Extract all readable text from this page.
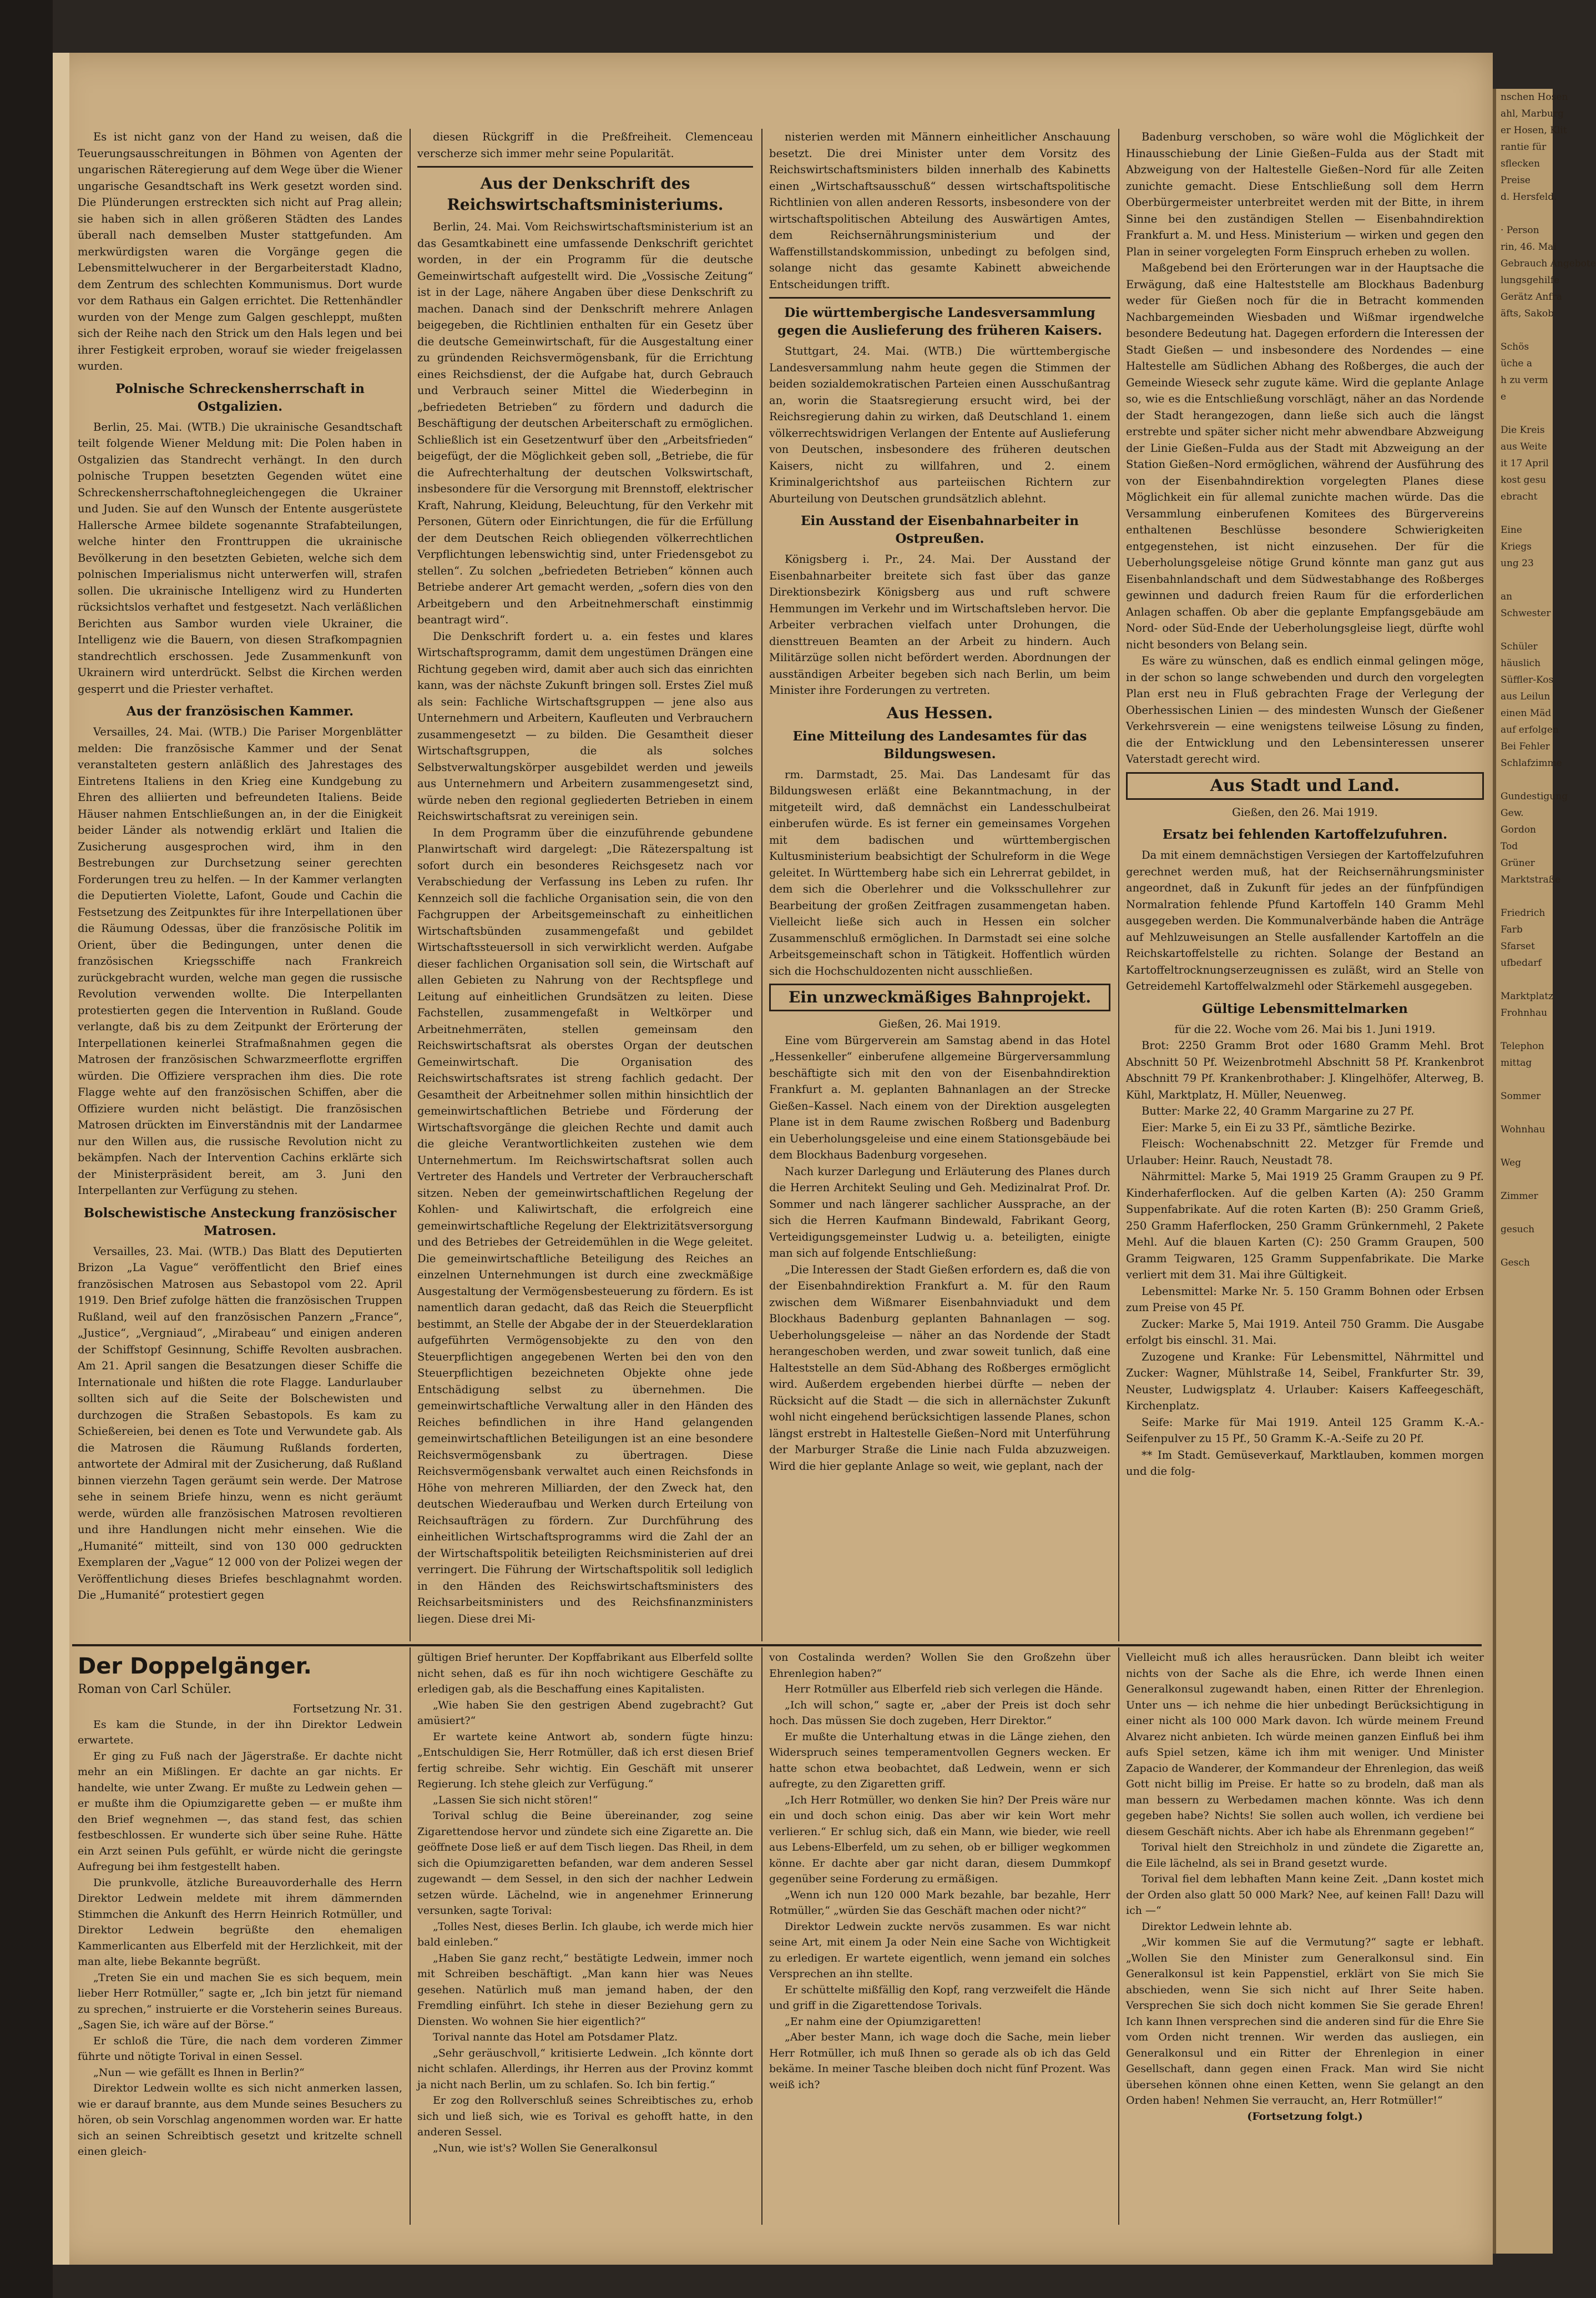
Es ist nicht ganz von der Hand zu weisen, daß die Teuerungsausschreitungen in Böhmen von Agenten der ungarischen Räteregierung auf dem Wege über die Wiener ungarische Gesandtschaft ins Werk gesetzt worden sind. Die Plünderungen erstreckten sich nicht auf Prag allein; sie haben sich in allen größeren Städten des Landes überall nach demselben Muster stattgefunden. Am merkwürdigsten waren die Vorgänge gegen die Lebensmittelwucherer in der Bergarbeiterstadt Kladno, dem Zentrum des schlechten Kommunismus. Dort wurde vor dem Rathaus ein Galgen errichtet. Die Rettenhändler wurden von der Menge zum Galgen geschleppt, mußten sich der Reihe nach den Strick um den Hals legen und bei ihrer Festigkeit erproben, worauf sie wieder freigelassen wurden.

Polnische Schreckensherrschaft in Ostgalizien.

Berlin, 25. Mai. (WTB.) Die ukrainische Gesandtschaft teilt folgende Wiener Meldung mit: Die Polen haben in Ostgalizien das Standrecht verhängt. In den durch polnische Truppen besetzten Gegenden wütet eine Schreckensherrschaftohnegleichengegen die Ukrainer und Juden. Sie auf den Wunsch der Entente ausgerüstete Hallersche Armee bildete sogenannte Strafabteilungen, welche hinter den Fronttruppen die ukrainische Bevölkerung in den besetzten Gebieten, welche sich dem polnischen Imperialismus nicht unterwerfen will, strafen sollen. Die ukrainische Intelligenz wird zu Hunderten rücksichtslos verhaftet und festgesetzt. Nach verläßlichen Berichten aus Sambor wurden viele Ukrainer, die Intelligenz wie die Bauern, von diesen Strafkompagnien standrechtlich erschossen. Jede Zusammenkunft von Ukrainern wird unterdrückt. Selbst die Kirchen werden gesperrt und die Priester verhaftet.

Aus der französischen Kammer.

Versailles, 24. Mai. (WTB.) Die Pariser Morgenblätter melden: Die französische Kammer und der Senat veranstalteten gestern anläßlich des Jahrestages des Eintretens Italiens in den Krieg eine Kundgebung zu Ehren des alliierten und befreundeten Italiens. Beide Häuser nahmen Entschließungen an, in der die Einigkeit beider Länder als notwendig erklärt und Italien die Zusicherung ausgesprochen wird, ihm in den Bestrebungen zur Durchsetzung seiner gerechten Forderungen treu zu helfen. — In der Kammer verlangten die Deputierten Violette, Lafont, Goude und Cachin die Festsetzung des Zeitpunktes für ihre Interpellationen über die Räumung Odessas, über die französische Politik im Orient, über die Bedingungen, unter denen die französischen Kriegsschiffe nach Frankreich zurückgebracht wurden, welche man gegen die russische Revolution verwenden wollte. Die Interpellanten protestierten gegen die Intervention in Rußland. Goude verlangte, daß bis zu dem Zeitpunkt der Erörterung der Interpellationen keinerlei Strafmaßnahmen gegen die Matrosen der französischen Schwarzmeerflotte ergriffen würden. Die Offiziere versprachen ihm dies. Die rote Flagge wehte auf den französischen Schiffen, aber die Offiziere wurden nicht belästigt. Die französischen Matrosen drückten im Einverständnis mit der Landarmee nur den Willen aus, die russische Revolution nicht zu bekämpfen. Nach der Intervention Cachins erklärte sich der Ministerpräsident bereit, am 3. Juni den Interpellanten zur Verfügung zu stehen.

Bolschewistische Ansteckung französischer Matrosen.

Versailles, 23. Mai. (WTB.) Das Blatt des Deputierten Brizon „La Vague“ veröffentlicht den Brief eines französischen Matrosen aus Sebastopol vom 22. April 1919. Den Brief zufolge hätten die französischen Truppen Rußland, weil auf den französischen Panzern „France“, „Justice“, „Vergniaud“, „Mirabeau“ und einigen anderen der Schiffstopf Gesinnung, Schiffe Revolten ausbrachen. Am 21. April sangen die Besatzungen dieser Schiffe die Internationale und hißten die rote Flagge. Landurlauber sollten sich auf die Seite der Bolschewisten und durchzogen die Straßen Sebastopols. Es kam zu Schießereien, bei denen es Tote und Verwundete gab. Als die Matrosen die Räumung Rußlands forderten, antwortete der Admiral mit der Zusicherung, daß Rußland binnen vierzehn Tagen geräumt sein werde. Der Matrose sehe in seinem Briefe hinzu, wenn es nicht geräumt werde, würden alle französischen Matrosen revoltieren und ihre Handlungen nicht mehr einsehen. Wie die „Humanité“ mitteilt, sind von 130 000 gedruckten Exemplaren der „Vague“ 12 000 von der Polizei wegen der Veröffentlichung dieses Briefes beschlagnahmt worden. Die „Humanité“ protestiert gegen

diesen Rückgriff in die Preßfreiheit. Clemenceau verscherze sich immer mehr seine Popularität.

Aus der Denkschrift des Reichswirtschaftsministeriums.

Berlin, 24. Mai. Vom Reichswirtschaftsministerium ist an das Gesamtkabinett eine umfassende Denkschrift gerichtet worden, in der ein Programm für die deutsche Gemeinwirtschaft aufgestellt wird. Die „Vossische Zeitung“ ist in der Lage, nähere Angaben über diese Denkschrift zu machen. Danach sind der Denkschrift mehrere Anlagen beigegeben, die Richtlinien enthalten für ein Gesetz über die deutsche Gemeinwirtschaft, für die Ausgestaltung einer zu gründenden Reichsvermögensbank, für die Errichtung eines Reichsdienst, der die Aufgabe hat, durch Gebrauch und Verbrauch seiner Mittel die Wiederbeginn in „befriedeten Betrieben“ zu fördern und dadurch die Beschäftigung der deutschen Arbeiterschaft zu ermöglichen. Schließlich ist ein Gesetzentwurf über den „Arbeitsfrieden“ beigefügt, der die Möglichkeit geben soll, „Betriebe, die für die Aufrechterhaltung der deutschen Volkswirtschaft, insbesondere für die Versorgung mit Brennstoff, elektrischer Kraft, Nahrung, Kleidung, Beleuchtung, für den Verkehr mit Personen, Gütern oder Einrichtungen, die für die Erfüllung der dem Deutschen Reich obliegenden völkerrechtlichen Verpflichtungen lebenswichtig sind, unter Friedensgebot zu stellen“. Zu solchen „befriedeten Betrieben“ können auch Betriebe anderer Art gemacht werden, „sofern dies von den Arbeitgebern und den Arbeitnehmerschaft einstimmig beantragt wird“.

Die Denkschrift fordert u. a. ein festes und klares Wirtschaftsprogramm, damit dem ungestümen Drängen eine Richtung gegeben wird, damit aber auch sich das einrichten kann, was der nächste Zukunft bringen soll. Erstes Ziel muß als sein: Fachliche Wirtschaftsgruppen — jene also aus Unternehmern und Arbeitern, Kaufleuten und Verbrauchern zusammengesetzt — zu bilden. Die Gesamtheit dieser Wirtschaftsgruppen, die als solches Selbstverwaltungskörper ausgebildet werden und jeweils aus Unternehmern und Arbeitern zusammengesetzt sind, würde neben den regional gegliederten Betrieben in einem Reichswirtschaftsrat zu vereinigen sein.

In dem Programm über die einzuführende gebundene Planwirtschaft wird dargelegt: „Die Rätezerspaltung ist sofort durch ein besonderes Reichsgesetz nach vor Verabschiedung der Verfassung ins Leben zu rufen. Ihr Kennzeich soll die fachliche Organisation sein, die von den Fachgruppen der Arbeitsgemeinschaft zu einheitlichen Wirtschaftsbünden zusammengefaßt und gebildet Wirtschaftssteuersoll in sich verwirklicht werden. Aufgabe dieser fachlichen Organisation soll sein, die Wirtschaft auf allen Gebieten zu Nahrung von der Rechtspflege und Leitung auf einheitlichen Grundsätzen zu leiten. Diese Fachstellen, zusammengefaßt in Weltkörper und Arbeitnehmerräten, stellen gemeinsam den Reichswirtschaftsrat als oberstes Organ der deutschen Gemeinwirtschaft. Die Organisation des Reichswirtschaftsrates ist streng fachlich gedacht. Der Gesamtheit der Arbeitnehmer sollen mithin hinsichtlich der gemeinwirtschaftlichen Betriebe und Förderung der Wirtschaftsvorgänge die gleichen Rechte und damit auch die gleiche Verantwortlichkeiten zustehen wie dem Unternehmertum. Im Reichswirtschaftsrat sollen auch Vertreter des Handels und Vertreter der Verbraucherschaft sitzen. Neben der gemeinwirtschaftlichen Regelung der Kohlen- und Kaliwirtschaft, die erfolgreich eine gemeinwirtschaftliche Regelung der Elektrizitätsversorgung und des Betriebes der Getreidemühlen in die Wege geleitet. Die gemeinwirtschaftliche Beteiligung des Reiches an einzelnen Unternehmungen ist durch eine zweckmäßige Ausgestaltung der Vermögensbesteuerung zu fördern. Es ist namentlich daran gedacht, daß das Reich die Steuerpflicht bestimmt, an Stelle der Abgabe der in der Steuerdeklaration aufgeführten Vermögensobjekte zu den von den Steuerpflichtigen angegebenen Werten bei den von den Steuerpflichtigen bezeichneten Objekte ohne jede Entschädigung selbst zu übernehmen. Die gemeinwirtschaftliche Verwaltung aller in den Händen des Reiches befindlichen in ihre Hand gelangenden gemeinwirtschaftlichen Beteiligungen ist an eine besondere Reichsvermögensbank zu übertragen. Diese Reichsvermögensbank verwaltet auch einen Reichsfonds in Höhe von mehreren Milliarden, der den Zweck hat, den deutschen Wiederaufbau und Werken durch Erteilung von Reichsaufträgen zu fördern. Zur Durchführung des einheitlichen Wirtschaftsprogramms wird die Zahl der an der Wirtschaftspolitik beteiligten Reichsministerien auf drei verringert. Die Führung der Wirtschaftspolitik soll lediglich in den Händen des Reichswirtschaftsministers des Reichsarbeitsministers und des Reichsfinanzministers liegen. Diese drei Mi-

nisterien werden mit Männern einheitlicher Anschauung besetzt. Die drei Minister unter dem Vorsitz des Reichswirtschaftsministers bilden innerhalb des Kabinetts einen „Wirtschaftsausschuß“ dessen wirtschaftspolitische Richtlinien von allen anderen Ressorts, insbesondere von der wirtschaftspolitischen Abteilung des Auswärtigen Amtes, dem Reichsernährungsministerium und der Waffenstillstandskommission, unbedingt zu befolgen sind, solange nicht das gesamte Kabinett abweichende Entscheidungen trifft.

Die württembergische Landesversammlung gegen die Auslieferung des früheren Kaisers.

Stuttgart, 24. Mai. (WTB.) Die württembergische Landesversammlung nahm heute gegen die Stimmen der beiden sozialdemokratischen Parteien einen Ausschußantrag an, worin die Staatsregierung ersucht wird, bei der Reichsregierung dahin zu wirken, daß Deutschland 1. einem völkerrechtswidrigen Verlangen der Entente auf Auslieferung von Deutschen, insbesondere des früheren deutschen Kaisers, nicht zu willfahren, und 2. einem Kriminalgerichtshof aus parteiischen Richtern zur Aburteilung von Deutschen grundsätzlich ablehnt.

Ein Ausstand der Eisenbahnarbeiter in Ostpreußen.

Königsberg i. Pr., 24. Mai. Der Ausstand der Eisenbahnarbeiter breitete sich fast über das ganze Direktionsbezirk Königsberg aus und ruft schwere Hemmungen im Verkehr und im Wirtschaftsleben hervor. Die Arbeiter verbrachen vielfach unter Drohungen, die diensttreuen Beamten an der Arbeit zu hindern. Auch Militärzüge sollen nicht befördert werden. Abordnungen der ausständigen Arbeiter begeben sich nach Berlin, um beim Minister ihre Forderungen zu vertreten.

Aus Hessen.

Eine Mitteilung des Landesamtes für das Bildungswesen.

rm. Darmstadt, 25. Mai. Das Landesamt für das Bildungswesen erläßt eine Bekanntmachung, in der mitgeteilt wird, daß demnächst ein Landesschulbeirat einberufen würde. Es ist ferner ein gemeinsames Vorgehen mit dem badischen und württembergischen Kultusministerium beabsichtigt der Schulreform in die Wege geleitet. In Württemberg habe sich ein Lehrerrat gebildet, in dem sich die Oberlehrer und die Volksschullehrer zur Bearbeitung der großen Zeitfragen zusammengetan haben. Vielleicht ließe sich auch in Hessen ein solcher Zusammenschluß ermöglichen. In Darmstadt sei eine solche Arbeitsgemeinschaft schon in Tätigkeit. Hoffentlich würden sich die Hochschuldozenten nicht ausschließen.

Ein unzweckmäßiges Bahnprojekt.

Gießen, 26. Mai 1919.

Eine vom Bürgerverein am Samstag abend in das Hotel „Hessenkeller“ einberufene allgemeine Bürgerversammlung beschäftigte sich mit den von der Eisenbahndirektion Frankfurt a. M. geplanten Bahnanlagen an der Strecke Gießen–Kassel. Nach einem von der Direktion ausgelegten Plane ist in dem Raume zwischen Roßberg und Badenburg ein Ueberholungsgeleise und eine einem Stationsgebäude bei dem Blockhaus Badenburg vorgesehen.

Nach kurzer Darlegung und Erläuterung des Planes durch die Herren Architekt Seuling und Geh. Medizinalrat Prof. Dr. Sommer und nach längerer sachlicher Aussprache, an der sich die Herren Kaufmann Bindewald, Fabrikant Georg, Verteidigungsgemeinster Ludwig u. a. beteiligten, einigte man sich auf folgende Entschließung:

„Die Interessen der Stadt Gießen erfordern es, daß die von der Eisenbahndirektion Frankfurt a. M. für den Raum zwischen dem Wißmarer Eisenbahnviadukt und dem Blockhaus Badenburg geplanten Bahnanlagen — sog. Ueberholungsgeleise — näher an das Nordende der Stadt herangeschoben werden, und zwar soweit tunlich, daß eine Halteststelle an dem Süd-Abhang des Roßberges ermöglicht wird. Außerdem ergebenden hierbei dürfte — neben der Rücksicht auf die Stadt — die sich in allernächster Zukunft wohl nicht eingehend berücksichtigen lassende Planes, schon längst erstrebt in Haltestelle Gießen–Nord mit Unterführung der Marburger Straße die Linie nach Fulda abzuzweigen. Wird die hier geplante Anlage so weit, wie geplant, nach der

Badenburg verschoben, so wäre wohl die Möglichkeit der Hinausschiebung der Linie Gießen–Fulda aus der Stadt mit Abzweigung von der Haltestelle Gießen–Nord für alle Zeiten zunichte gemacht. Diese Entschließung soll dem Herrn Oberbürgermeister unterbreitet werden mit der Bitte, in ihrem Sinne bei den zuständigen Stellen — Eisenbahndirektion Frankfurt a. M. und Hess. Ministerium — wirken und gegen den Plan in seiner vorgelegten Form Einspruch erheben zu wollen.

Maßgebend bei den Erörterungen war in der Hauptsache die Erwägung, daß eine Halteststelle am Blockhaus Badenburg weder für Gießen noch für die in Betracht kommenden Nachbargemeinden Wiesbaden und Wißmar irgendwelche besondere Bedeutung hat. Dagegen erfordern die Interessen der Stadt Gießen — und insbesondere des Nordendes — eine Haltestelle am Südlichen Abhang des Roßberges, die auch der Gemeinde Wieseck sehr zugute käme. Wird die geplante Anlage so, wie es die Entschließung vorschlägt, näher an das Nordende der Stadt herangezogen, dann ließe sich auch die längst erstrebte und später sicher nicht mehr abwendbare Abzweigung der Linie Gießen–Fulda aus der Stadt mit Abzweigung an der Station Gießen–Nord ermöglichen, während der Ausführung des von der Eisenbahndirektion vorgelegten Planes diese Möglichkeit ein für allemal zunichte machen würde. Das die Versammlung einberufenen Komitees des Bürgervereins enthaltenen Beschlüsse besondere Schwierigkeiten entgegenstehen, ist nicht einzusehen. Der für die Ueberholungsgeleise nötige Grund könnte man ganz gut aus Eisenbahnlandschaft und dem Südwestabhange des Roßberges gewinnen und dadurch freien Raum für die erforderlichen Anlagen schaffen. Ob aber die geplante Empfangsgebäude am Nord- oder Süd-Ende der Ueberholungsgleise liegt, dürfte wohl nicht besonders von Belang sein.

Es wäre zu wünschen, daß es endlich einmal gelingen möge, in der schon so lange schwebenden und durch den vorgelegten Plan erst neu in Fluß gebrachten Frage der Verlegung der Oberhessischen Linien — des mindesten Wunsch der Gießener Verkehrsverein — eine wenigstens teilweise Lösung zu finden, die der Entwicklung und den Lebensinteressen unserer Vaterstadt gerecht wird.

Aus Stadt und Land.

Gießen, den 26. Mai 1919.

Ersatz bei fehlenden Kartoffelzufuhren.

Da mit einem demnächstigen Versiegen der Kartoffelzufuhren gerechnet werden muß, hat der Reichsernährungsminister angeordnet, daß in Zukunft für jedes an der fünfpfündigen Normalration fehlende Pfund Kartoffeln 140 Gramm Mehl ausgegeben werden. Die Kommunalverbände haben die Anträge auf Mehlzuweisungen an Stelle ausfallender Kartoffeln an die Reichskartoffelstelle zu richten. Solange der Bestand an Kartoffeltrocknungserzeugnissen es zuläßt, wird an Stelle von Getreidemehl Kartoffelwalzmehl oder Stärkemehl ausgegeben.

Gültige Lebensmittelmarken

für die 22. Woche vom 26. Mai bis 1. Juni 1919.

Brot: 2250 Gramm Brot oder 1680 Gramm Mehl. Brot Abschnitt 50 Pf. Weizenbrotmehl Abschnitt 58 Pf. Krankenbrot Abschnitt 79 Pf. Krankenbrothaber: J. Klingelhöfer, Alterweg, B. Kühl, Marktplatz, H. Müller, Neuenweg.

Butter: Marke 22, 40 Gramm Margarine zu 27 Pf.

Eier: Marke 5, ein Ei zu 33 Pf., sämtliche Bezirke.

Fleisch: Wochenabschnitt 22. Metzger für Fremde und Urlauber: Heinr. Rauch, Neustadt 78.

Nährmittel: Marke 5, Mai 1919 25 Gramm Graupen zu 9 Pf. Kinderhaferflocken. Auf die gelben Karten (A): 250 Gramm Suppenfabrikate. Auf die roten Karten (B): 250 Gramm Grieß, 250 Gramm Haferflocken, 250 Gramm Grünkernmehl, 2 Pakete Mehl. Auf die blauen Karten (C): 250 Gramm Graupen, 500 Gramm Teigwaren, 125 Gramm Suppenfabrikate. Die Marke verliert mit dem 31. Mai ihre Gültigkeit.

Lebensmittel: Marke Nr. 5. 150 Gramm Bohnen oder Erbsen zum Preise von 45 Pf.

Zucker: Marke 5, Mai 1919. Anteil 750 Gramm. Die Ausgabe erfolgt bis einschl. 31. Mai.

Zuzogene und Kranke: Für Lebensmittel, Nährmittel und Zucker: Wagner, Mühlstraße 14, Seibel, Frankfurter Str. 39, Neuster, Ludwigsplatz 4. Urlauber: Kaisers Kaffeegeschäft, Kirchenplatz.

Seife: Marke für Mai 1919. Anteil 125 Gramm K.-A.-Seifenpulver zu 15 Pf., 50 Gramm K.-A.-Seife zu 20 Pf.

** Im Stadt. Gemüseverkauf, Marktlauben, kommen morgen und die folg-

Der Doppelgänger.
Roman von Carl Schüler.
Fortsetzung Nr. 31.

Es kam die Stunde, in der ihn Direktor Ledwein erwartete.

Er ging zu Fuß nach der Jägerstraße. Er dachte nicht mehr an ein Mißlingen. Er dachte an gar nichts. Er handelte, wie unter Zwang. Er mußte zu Ledwein gehen — er mußte ihm die Opiumzigarette geben — er mußte ihm den Brief wegnehmen —, das stand fest, das schien festbeschlossen. Er wunderte sich über seine Ruhe. Hätte ein Arzt seinen Puls gefühlt, er würde nicht die geringste Aufregung bei ihm festgestellt haben.

Die prunkvolle, ätzliche Bureauvorderhalle des Herrn Direktor Ledwein meldete mit ihrem dämmernden Stimmchen die Ankunft des Herrn Heinrich Rotmüller, und Direktor Ledwein begrüßte den ehemaligen Kammerlicanten aus Elberfeld mit der Herzlichkeit, mit der man alte, liebe Bekannte begrüßt.

„Treten Sie ein und machen Sie es sich bequem, mein lieber Herr Rotmüller,“ sagte er, „Ich bin jetzt für niemand zu sprechen,“ instruierte er die Vorsteherin seines Bureaus. „Sagen Sie, ich wäre auf der Börse.“

Er schloß die Türe, die nach dem vorderen Zimmer führte und nötigte Torival in einen Sessel.

„Nun — wie gefällt es Ihnen in Berlin?“

Direktor Ledwein wollte es sich nicht anmerken lassen, wie er darauf brannte, aus dem Munde seines Besuchers zu hören, ob sein Vorschlag angenommen worden war. Er hatte sich an seinen Schreibtisch gesetzt und kritzelte schnell einen gleich-

gültigen Brief herunter. Der Kopffabrikant aus Elberfeld sollte nicht sehen, daß es für ihn noch wichtigere Geschäfte zu erledigen gab, als die Beschaffung eines Kapitalisten.

„Wie haben Sie den gestrigen Abend zugebracht? Gut amüsiert?“

Er wartete keine Antwort ab, sondern fügte hinzu: „Entschuldigen Sie, Herr Rotmüller, daß ich erst diesen Brief fertig schreibe. Sehr wichtig. Ein Geschäft mit unserer Regierung. Ich stehe gleich zur Verfügung.“

„Lassen Sie sich nicht stören!“

Torival schlug die Beine übereinander, zog seine Zigarettendose hervor und zündete sich eine Zigarette an. Die geöffnete Dose ließ er auf dem Tisch liegen. Das Rheil, in dem sich die Opiumzigaretten befanden, war dem anderen Sessel zugewandt — dem Sessel, in den sich der nachher Ledwein setzen würde. Lächelnd, wie in angenehmer Erinnerung versunken, sagte Torival:

„Tolles Nest, dieses Berlin. Ich glaube, ich werde mich hier bald einleben.“

„Haben Sie ganz recht,“ bestätigte Ledwein, immer noch mit Schreiben beschäftigt. „Man kann hier was Neues gesehen. Natürlich muß man jemand haben, der den Fremdling einführt. Ich stehe in dieser Beziehung gern zu Diensten. Wo wohnen Sie hier eigentlich?“

Torival nannte das Hotel am Potsdamer Platz.

„Sehr geräuschvoll,“ kritisierte Ledwein. „Ich könnte dort nicht schlafen. Allerdings, ihr Herren aus der Provinz kommt ja nicht nach Berlin, um zu schlafen. So. Ich bin fertig.“

Er zog den Rollverschluß seines Schreibtisches zu, erhob sich und ließ sich, wie es Torival es gehofft hatte, in den anderen Sessel.

„Nun, wie ist's? Wollen Sie Generalkonsul

von Costalinda werden? Wollen Sie den Großzehn über Ehrenlegion haben?“

Herr Rotmüller aus Elberfeld rieb sich verlegen die Hände.

„Ich will schon,“ sagte er, „aber der Preis ist doch sehr hoch. Das müssen Sie doch zugeben, Herr Direktor.“

Er mußte die Unterhaltung etwas in die Länge ziehen, den Widerspruch seines temperamentvollen Gegners wecken. Er hatte schon etwa beobachtet, daß Ledwein, wenn er sich aufregte, zu den Zigaretten griff.

„Ich Herr Rotmüller, wo denken Sie hin? Der Preis wäre nur ein und doch schon einig. Das aber wir kein Wort mehr verlieren.“ Er schlug sich, daß ein Mann, wie bieder, wie reell aus Lebens-Elberfeld, um zu sehen, ob er billiger wegkommen könne. Er dachte aber gar nicht daran, diesem Dummkopf gegenüber seine Forderung zu ermäßigen.

„Wenn ich nun 120 000 Mark bezahle, bar bezahle, Herr Rotmüller,“ „würden Sie das Geschäft machen oder nicht?“

Direktor Ledwein zuckte nervös zusammen. Es war nicht seine Art, mit einem Ja oder Nein eine Sache von Wichtigkeit zu erledigen. Er wartete eigentlich, wenn jemand ein solches Versprechen an ihn stellte.

Er schüttelte mißfällig den Kopf, rang verzweifelt die Hände und griff in die Zigarettendose Torivals.

„Er nahm eine der Opiumzigaretten!

„Aber bester Mann, ich wage doch die Sache, mein lieber Herr Rotmüller, ich muß Ihnen so gerade als ob ich das Geld bekäme. In meiner Tasche bleiben doch nicht fünf Prozent. Was weiß ich?

Vielleicht muß ich alles herausrücken. Dann bleibt ich weiter nichts von der Sache als die Ehre, ich werde Ihnen einen Generalkonsul zugewandt haben, einen Ritter der Ehrenlegion. Unter uns — ich nehme die hier unbedingt Berücksichtigung in einer nicht als 100 000 Mark davon. Ich würde meinem Freund Alvarez nicht anbieten. Ich würde meinen ganzen Einfluß bei ihm aufs Spiel setzen, käme ich ihm mit weniger. Und Minister Zapacio de Wanderer, der Kommandeur der Ehrenlegion, das weiß Gott nicht billig im Preise. Er hatte so zu brodeln, daß man als man bessern zu Werbedamen machen könnte. Was ich denn gegeben habe? Nichts! Sie sollen auch wollen, ich verdiene bei diesem Geschäft nichts. Aber ich habe als Ehrenmann gegeben!“

Torival hielt den Streichholz in und zündete die Zigarette an, die Eile lächelnd, als sei in Brand gesetzt wurde.

Torival fiel dem lebhaften Mann keine Zeit. „Dann kostet mich der Orden also glatt 50 000 Mark? Nee, auf keinen Fall! Dazu will ich —“

Direktor Ledwein lehnte ab.

„Wir kommen Sie auf die Vermutung?“ sagte er lebhaft. „Wollen Sie den Minister zum Generalkonsul sind. Ein Generalkonsul ist kein Pappenstiel, erklärt von Sie mich Sie abschieden, wenn Sie sich nicht auf Ihrer Seite haben. Versprechen Sie sich doch nicht kommen Sie Sie gerade Ehren! Ich kann Ihnen versprechen sind die anderen sind für die Ehre Sie vom Orden nicht trennen. Wir werden das ausliegen, ein Generalkonsul und ein Ritter der Ehrenlegion in einer Gesellschaft, dann gegen einen Frack. Man wird Sie nicht übersehen können ohne einen Ketten, wenn Sie gelangt an den Orden haben! Nehmen Sie verraucht, an, Herr Rotmüller!“

(Fortsetzung folgt.)

nschen Hosen
ahl, Marburg
er Hosen, Klit
rantie für
sflecken
Preise
d. Hersfeld.

· Person
rin, 46. Mai
Gebrauch Angebote
lungsgehilfe
Gerätz Anfra
äfts, Sakob

Schös
üche a
h zu verm
e

Die Kreis
aus Weite
it 17 April
kost gesu
ebracht

Eine
Kriegs
ung 23

an
Schwester

Schüler
häuslich
Süffler-Kos
aus Leilun
einen Mäd
auf erfolgen
Bei Fehler
Schlafzimme

Gundestigung
Gew.
Gordon
Tod
Grüner
Marktstraße

Friedrich
Farb
Sfarset
ufbedarf

Marktplatz
Frohnhau

Telephon
mittag

Sommer

Wohnhau

Weg

Zimmer

gesuch

Gesch
